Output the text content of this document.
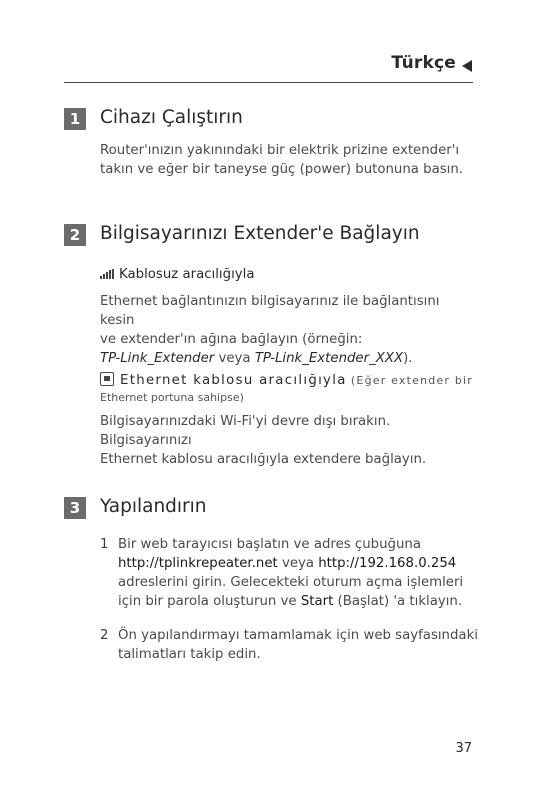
Türkçe
1	Cihazı Çalıştırın
Router'ınızın yakınındaki bir elektrik prizine extender'ı
takın ve eğer bir taneyse güç (power) butonuna basın.
2	Bilgisayarınızı Extender'e Bağlayın
Kablosuz aracılığıyla
Ethernet bağlantınızın bilgisayarınız ile bağlantısını kesin
ve extender'ın ağına bağlayın (örneğin:
TP-Link_Extender veya TP-Link_Extender_XXX).
Ethernet kablosu aracılığıyla (Eğer extender bir
Ethernet portuna sahipse)
Bilgisayarınızdaki Wi-Fi'yi devre dışı bırakın. Bilgisayarınızı
Ethernet kablosu aracılığıyla extendere bağlayın.
3	Yapılandırın
1 Bir web tarayıcısı başlatın ve adres çubuğuna
http://tplinkrepeater.net veya http://192.168.0.254
adreslerini girin. Gelecekteki oturum açma işlemleri
için bir parola oluşturun ve Start (Başlat) 'a tıklayın.
2 Ön yapılandırmayı tamamlamak için web sayfasındaki
talimatları takip edin.
37
